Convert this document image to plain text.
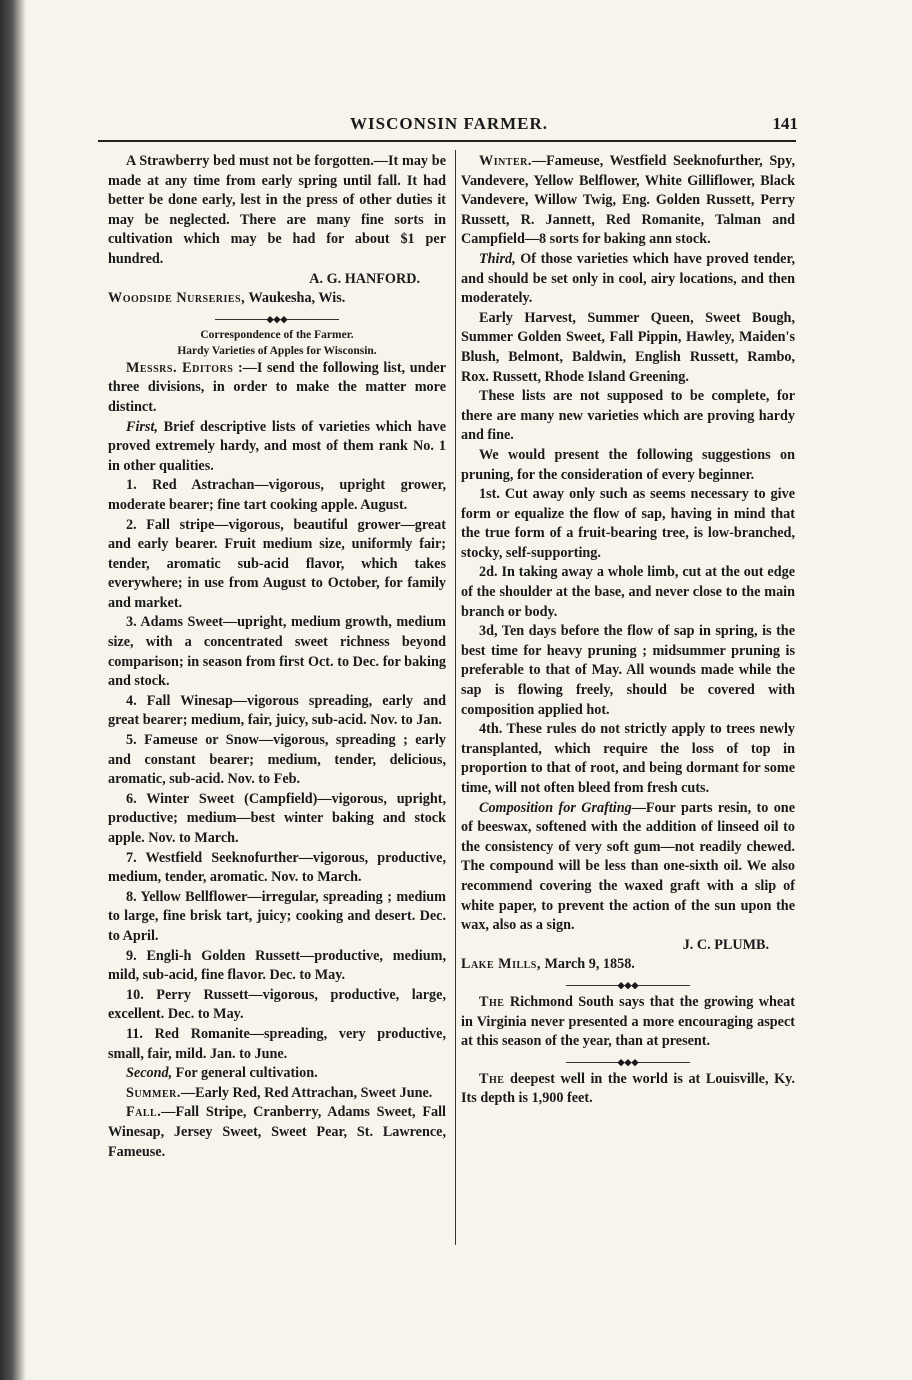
WISCONSIN FARMER.	141

A Strawberry bed must not be forgotten.—It may be made at any time from early spring until fall. It had better be done early, lest in the press of other duties it may be neglected. There are many fine sorts in cultivation which may be had for about $1 per hundred.

A. G. HANFORD.

Woodside Nurseries, Waukesha, Wis.

◆◆◆

Correspondence of the Farmer.

Hardy Varieties of Apples for Wisconsin.

Messrs. Editors :—I send the following list, under three divisions, in order to make the matter more distinct.

First, Brief descriptive lists of varieties which have proved extremely hardy, and most of them rank No. 1 in other qualities.

1. Red Astrachan—vigorous, upright grower, moderate bearer; fine tart cooking apple. August.

2. Fall stripe—vigorous, beautiful grower—great and early bearer. Fruit medium size, uniformly fair; tender, aromatic sub-acid flavor, which takes everywhere; in use from August to October, for family and market.

3. Adams Sweet—upright, medium growth, medium size, with a concentrated sweet richness beyond comparison; in season from first Oct. to Dec. for baking and stock.

4. Fall Winesap—vigorous spreading, early and great bearer; medium, fair, juicy, sub-acid. Nov. to Jan.

5. Fameuse or Snow—vigorous, spreading ; early and constant bearer; medium, tender, delicious, aromatic, sub-acid. Nov. to Feb.

6. Winter Sweet (Campfield)—vigorous, upright, productive; medium—best winter baking and stock apple. Nov. to March.

7. Westfield Seeknofurther—vigorous, productive, medium, tender, aromatic. Nov. to March.

8. Yellow Bellflower—irregular, spreading ; medium to large, fine brisk tart, juicy; cooking and desert. Dec. to April.

9. Engli-h Golden Russett—productive, medium, mild, sub-acid, fine flavor. Dec. to May.

10. Perry Russett—vigorous, productive, large, excellent. Dec. to May.

11. Red Romanite—spreading, very productive, small, fair, mild. Jan. to June.

Second, For general cultivation.

Summer.—Early Red, Red Attrachan, Sweet June.

Fall.—Fall Stripe, Cranberry, Adams Sweet, Fall Winesap, Jersey Sweet, Sweet Pear, St. Lawrence, Fameuse.

Winter.—Fameuse, Westfield Seeknofurther, Spy, Vandevere, Yellow Belflower, White Gilliflower, Black Vandevere, Willow Twig, Eng. Golden Russett, Perry Russett, R. Jannett, Red Romanite, Talman and Campfield—8 sorts for baking ann stock.

Third, Of those varieties which have proved tender, and should be set only in cool, airy locations, and then moderately.

Early Harvest, Summer Queen, Sweet Bough, Summer Golden Sweet, Fall Pippin, Hawley, Maiden's Blush, Belmont, Baldwin, English Russett, Rambo, Rox. Russett, Rhode Island Greening.

These lists are not supposed to be complete, for there are many new varieties which are proving hardy and fine.

We would present the following suggestions on pruning, for the consideration of every beginner.

1st. Cut away only such as seems necessary to give form or equalize the flow of sap, having in mind that the true form of a fruit-bearing tree, is low-branched, stocky, self-supporting.

2d. In taking away a whole limb, cut at the out edge of the shoulder at the base, and never close to the main branch or body.

3d, Ten days before the flow of sap in spring, is the best time for heavy pruning ; midsummer pruning is preferable to that of May. All wounds made while the sap is flowing freely, should be covered with composition applied hot.

4th. These rules do not strictly apply to trees newly transplanted, which require the loss of top in proportion to that of root, and being dormant for some time, will not often bleed from fresh cuts.

Composition for Grafting—Four parts resin, to one of beeswax, softened with the addition of linseed oil to the consistency of very soft gum—not readily chewed. The compound will be less than one-sixth oil. We also recommend covering the waxed graft with a slip of white paper, to prevent the action of the sun upon the wax, also as a sign.

J. C. PLUMB.

Lake Mills, March 9, 1858.

◆◆◆

The Richmond South says that the growing wheat in Virginia never presented a more encouraging aspect at this season of the year, than at present.

◆◆◆

The deepest well in the world is at Louisville, Ky. Its depth is 1,900 feet.
